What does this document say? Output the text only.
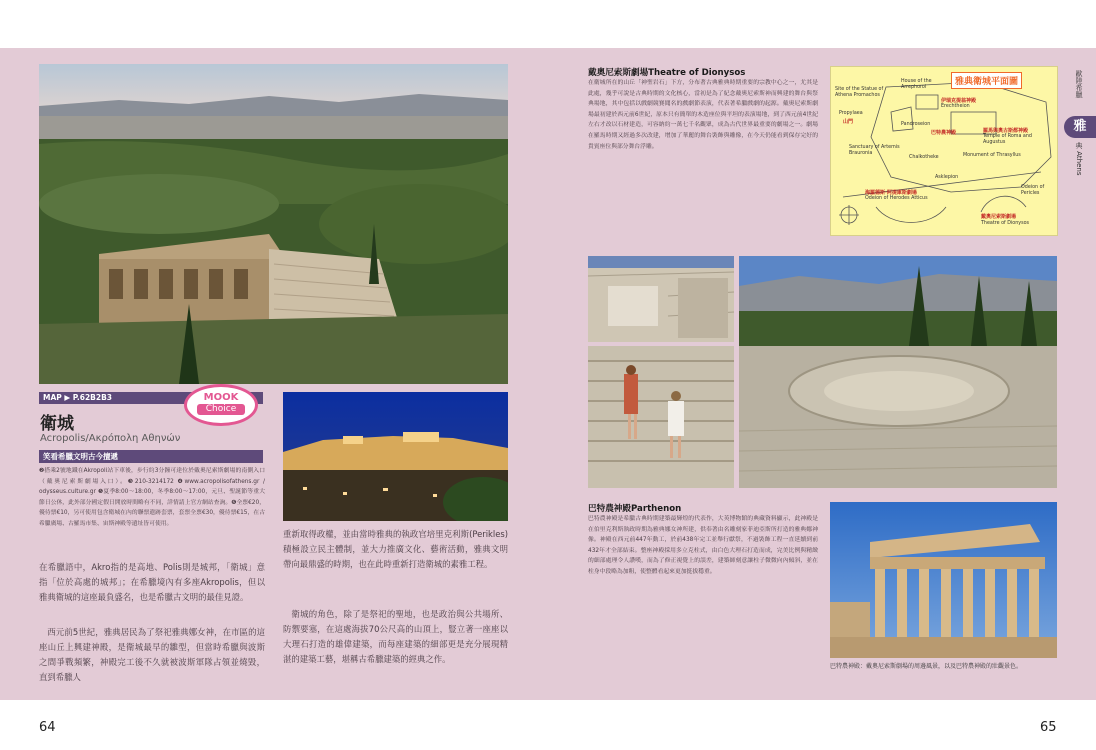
MAP ▶ P.62B2B3	MOOK
Choice
衛城
Acropolis/Ακρόπολη Αθηνών
笑看希臘文明古今擅遞
❷搭乘2號地鐵在Akropoli站下車後，步行約3分鐘可達位於戴奧尼索斯劇場的南側入口（戴奧尼索斯劇場入口）。❸210-3214172 ❹www.acropolisofathens.gr / odysseus.culture.gr ❺夏季8:00～18:00，冬季8:00～17:00，元旦、聖誕節等重大節日公休，此外部分國定假日開放時間略有不同，詳情請上官方網站查詢。❻全票€20，優待票€10，另可使用包含衛城在內的聯票遺跡套票，套票全票€30，優待票€15，在古希臘廣場、古羅馬市集、宙斯神殿等遺址皆可使用。
在希臘語中，Akro指的是高地、Polis則是城邦，「衛城」意指「位於高處的城邦」；在希臘境內有多座Akropolis，但以雅典衛城的這座最負盛名，也是希臘古文明的最佳見證。
西元前5世紀，雅典居民為了祭祀雅典娜女神，在市區的這座山丘上興建神殿，是衛城最早的雛型，但當時希臘與波斯之間爭戰頻繁，神殿完工後不久就被波斯軍隊占領並燒毀，直到希臘人
重新取得政權，並由當時雅典的執政官培里克利斯(Perikles)積極設立民主體制，並大力推廣文化、藝術活動，雅典文明帶向最鼎盛的時期，也在此時重新打造衛城的素雅工程。
衛城的角色，除了是祭祀的聖地，也是政治與公共場所、防禦要塞，在這處海拔70公尺高的山頂上，豎立著一座座以大理石打造的雄偉建築，而每座建築的細部更是充分展現精湛的建築工藝，堪稱古希臘建築的經典之作。
64	65
戴奧尼索斯劇場Theatre of Dionysos
在衛城所在的山丘「神聖岩石」下方，分布著古典雅典時期重要的宗教中心之一，尤其是此處，幾乎可說是古典時期的文化核心，當初是為了紀念戴奧尼索斯神而興建的舞台與祭典場地，其中包括以戲劇競賽聞名的戲劇節表演，代表著希臘戲劇的起源。戴奧尼索斯劇場最初建於西元前6世紀，原本只有簡單的木造座位與平坦的表演場地，到了西元前4世紀左右才改以石材建造，可容納約一萬七千名觀眾，成為古代世界最重要的劇場之一。劇場在羅馬時期又經過多次改建，增加了華麗的舞台裝飾與雕像，在今天仍能看到保存完好的貴賓座位與部分舞台浮雕。
雅典衛城平面圖
Site of the Statue of Athena Promachos
House of the Arrephoroi
Propylaea
山門	Pandroseion
伊瑞克提翁神殿
Erechtheion
巴特農神殿	羅馬與奧古斯都神殿
Temple of Roma and Augustus
Sanctuary of Artemis Brauronia
Chalkotheke	Monument of Thrasyllus
Asklepion
海羅德斯·阿提庫斯劇場
Odeion of Herodes Atticus
Odeion of Pericles
戴奧尼索斯劇場
Theatre of Dionysos
歐陸希臘
雅
典 Athens
巴特農神殿Parthenon
巴特農神殿是希臘古典時期建築最輝煌的代表作，大英博物館的典藏資料顯示，此神殿是在伯里克利斯執政時期為雅典娜女神所建，供奉著由名雕刻家菲迪亞斯所打造的雅典娜神像。神殿在西元前447年動工，於前438年完工並舉行獻祭，不過裝飾工程一直延續到前432年才全部結束。整座神殿採用多立克柱式，由白色大理石打造而成，完美比例與精緻的細部處理令人讚嘆，而為了修正視覺上的誤差，建築師刻意讓柱子微微向內傾斜，並在柱身中段略為加粗，使整體看起來更加挺拔穩重。
巴特農神殿：戴奧尼索斯劇場的周邊風景，以及巴特農神殿的壯觀景色。
